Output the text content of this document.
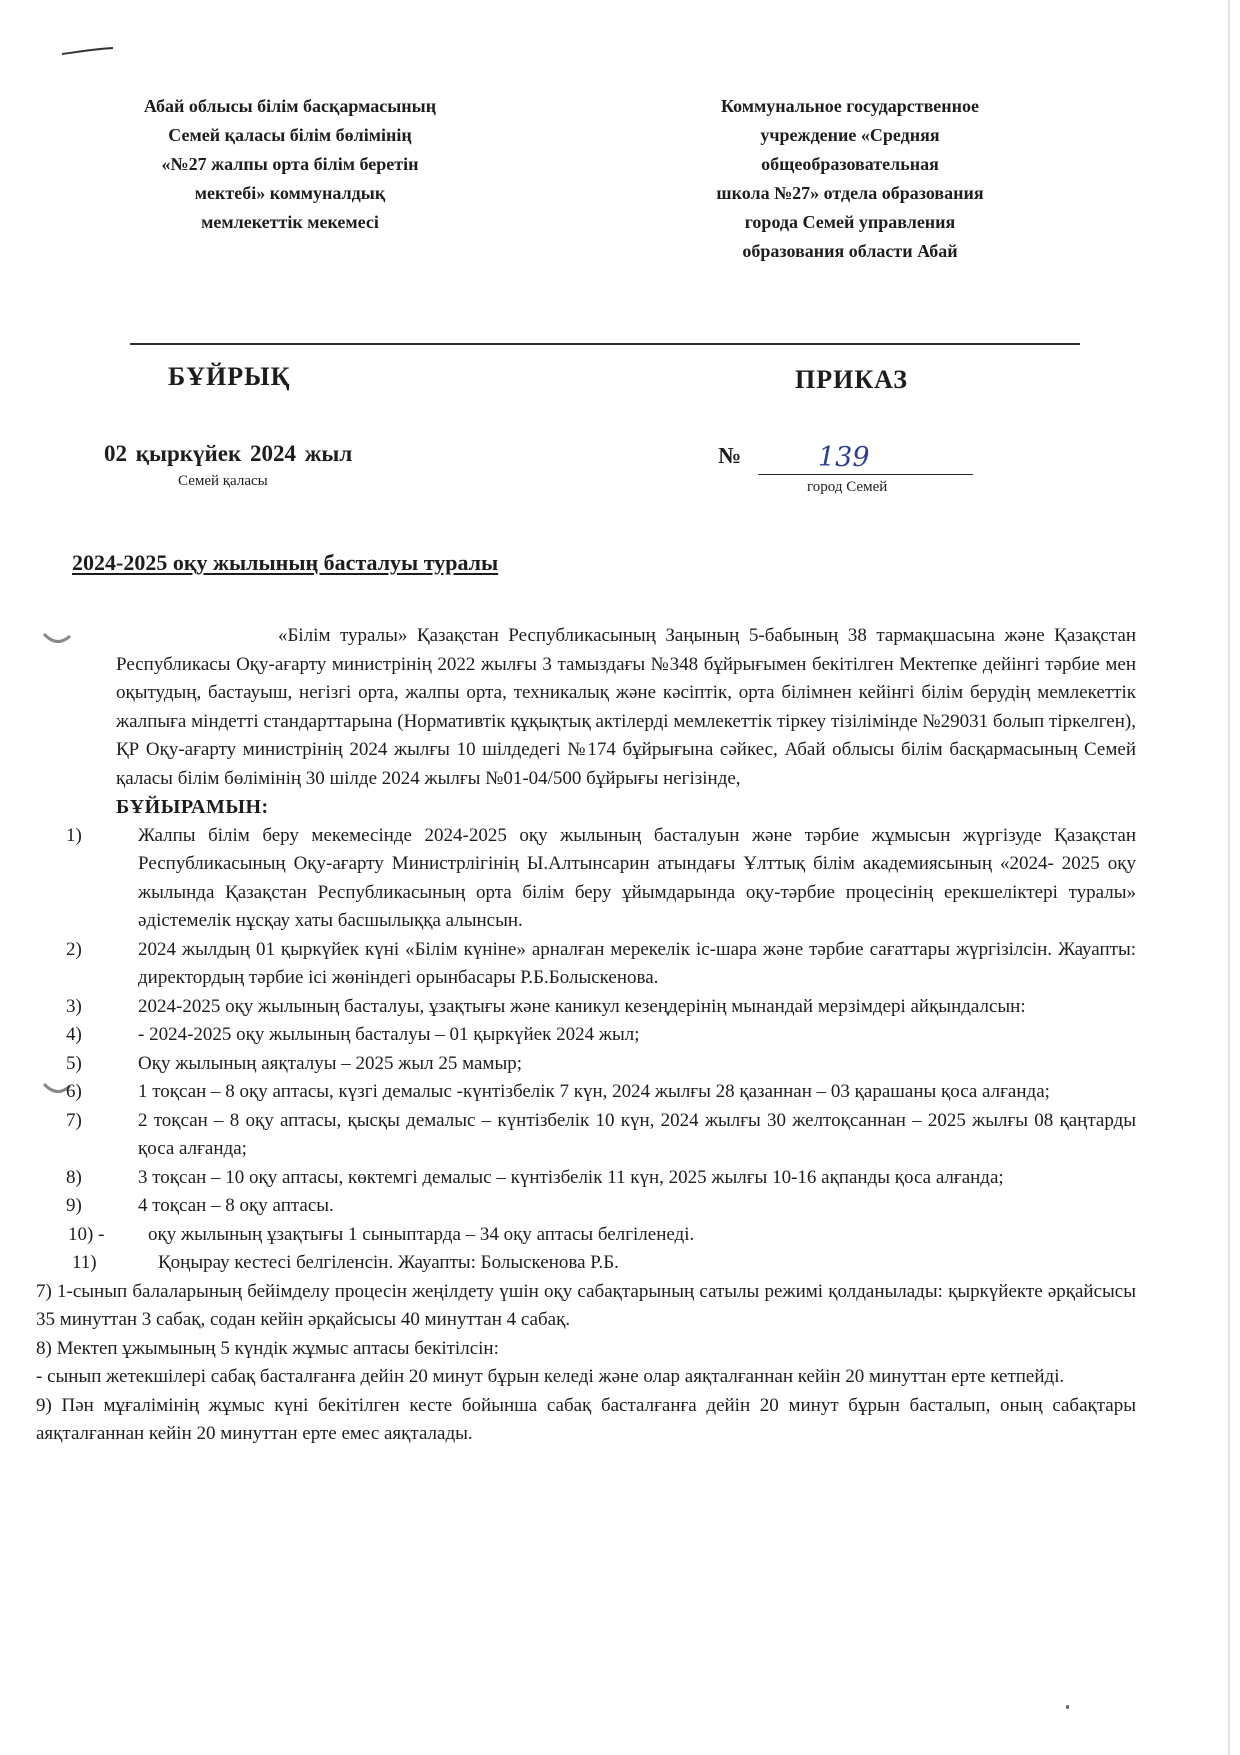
Абай облысы білім басқармасының
Семей қаласы білім бөлімінің
«№27 жалпы орта білім беретін
мектебі» коммуналдық
мемлекеттік мекемесі
Коммунальное государственное
учреждение «Средняя
общеобразовательная
школа №27» отдела образования
города Семей управления
образования области Абай
БҰЙРЫҚ	ПРИКАЗ
02 қыркүйек 2024 жыл
Семей қаласы
№	139
город Семей
2024-2025 оқу жылының басталуы туралы

«Білім туралы» Қазақстан Республикасының Заңының 5-бабының 38 тармақшасына және Қазақстан Республикасы Оқу-ағарту министрінің 2022 жылғы 3 тамыздағы №348 бұйрығымен бекітілген Мектепке дейінгі тәрбие мен оқытудың, бастауыш, негізгі орта, жалпы орта, техникалық және кәсіптік, орта білімнен кейінгі білім берудің мемлекеттік жалпыға міндетті стандарттарына (Нормативтік құқықтық актілерді мемлекеттік тіркеу тізілімінде №29031 болып тіркелген), ҚР Оқу-ағарту министрінің 2024 жылғы 10 шілдедегі №174 бұйрығына сәйкес, Абай облысы білім басқармасының Семей қаласы білім бөлімінің 30 шілде 2024 жылғы №01-04/500 бұйрығы негізінде,

БҰЙЫРАМЫН:
1)	Жалпы білім беру мекемесінде 2024-2025 оқу жылының басталуын және тәрбие жұмысын жүргізуде Қазақстан Республикасының Оқу-ағарту Министрлігінің Ы.Алтынсарин атындағы Ұлттық білім академиясының «2024- 2025 оқу жылында Қазақстан Республикасының орта білім беру ұйымдарында оқу-тәрбие процесінің ерекшеліктері туралы» әдістемелік нұсқау хаты басшылыққа алынсын.
2)	2024 жылдың 01 қыркүйек күні «Білім күніне» арналған мерекелік іс-шара және тәрбие сағаттары жүргізілсін. Жауапты: директордың тәрбие ісі жөніндегі орынбасары Р.Б.Болыскенова.
3)	2024-2025 оқу жылының басталуы, ұзақтығы және каникул кезеңдерінің мынандай мерзімдері айқындалсын:
4)	- 2024-2025 оқу жылының басталуы – 01 қыркүйек 2024 жыл;
5)	Оқу жылының аяқталуы – 2025 жыл 25 мамыр;
6)	1 тоқсан – 8 оқу аптасы, күзгі демалыс -күнтізбелік 7 күн, 2024 жылғы 28 қазаннан – 03 қарашаны қоса алғанда;
7)	2 тоқсан – 8 оқу аптасы, қысқы демалыс – күнтізбелік 10 күн, 2024 жылғы 30 желтоқсаннан – 2025 жылғы 08 қаңтарды қоса алғанда;
8)	3 тоқсан – 10 оқу аптасы, көктемгі демалыс – күнтізбелік 11 күн, 2025 жылғы 10-16 ақпанды қоса алғанда;
9)	4 тоқсан – 8 оқу аптасы.
10) -	оқу жылының ұзақтығы 1 сыныптарда – 34 оқу аптасы белгіленеді.
11)	Қоңырау кестесі белгіленсін. Жауапты: Болыскенова Р.Б.

7) 1-сынып балаларының бейімделу процесін жеңілдету үшін оқу сабақтарының сатылы режимі қолданылады: қыркүйекте әрқайсысы 35 минуттан 3 сабақ, содан кейін әрқайсысы 40 минуттан 4 сабақ.

8) Мектеп ұжымының 5 күндік жұмыс аптасы бекітілсін:

- сынып жетекшілері сабақ басталғанға дейін 20 минут бұрын келеді және олар аяқталғаннан кейін 20 минуттан ерте кетпейді.

9) Пән мұғалімінің жұмыс күні бекітілген кесте бойынша сабақ басталғанға дейін 20 минут бұрын басталып, оның сабақтары аяқталғаннан кейін 20 минуттан ерте емес аяқталады.
